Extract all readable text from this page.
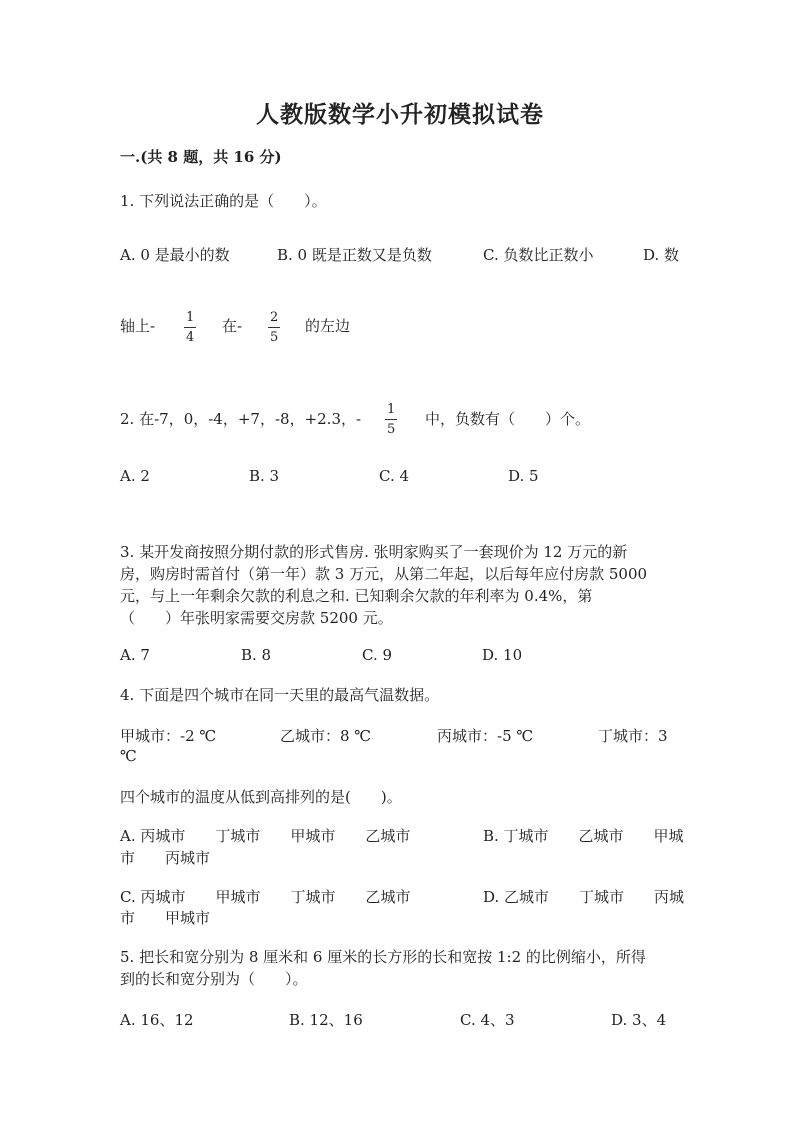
人教版数学小升初模拟试卷
一.(共 8 题，共 16 分)
1. 下列说法正确的是（　　）。
A. 0 是最小的数	B. 0 既是正数又是负数	C. 负数比正数小	D. 数
轴上- 1
4
在- 2
5
的左边
2. 在-7，0，-4，+7，-8，+2.3，-
1
5
中，负数有（　　）个。
A. 2	B. 3	C. 4	D. 5
3. 某开发商按照分期付款的形式售房. 张明家购买了一套现价为 12 万元的新
房，购房时需首付（第一年）款 3 万元，从第二年起，以后每年应付房款 5000
元，与上一年剩余欠款的利息之和. 已知剩余欠款的年利率为 0.4%，第
（　　）年张明家需要交房款 5200 元。
A. 7	B. 8	C. 9	D. 10
4. 下面是四个城市在同一天里的最高气温数据。
甲城市：-2 ℃	乙城市：8 ℃	丙城市：-5 ℃	丁城市：3
℃
四个城市的温度从低到高排列的是(　　)。
A. 丙城市　　丁城市　　甲城市　　乙城市	B. 丁城市　　乙城市　　甲城
市　　丙城市
C. 丙城市　　甲城市　　丁城市　　乙城市	D. 乙城市　　丁城市　　丙城
市　　甲城市
5. 把长和宽分别为 8 厘米和 6 厘米的长方形的长和宽按 1:2 的比例缩小，所得
到的长和宽分别为（　　）。
A. 16、12	B. 12、16	C. 4、3	D. 3、4
